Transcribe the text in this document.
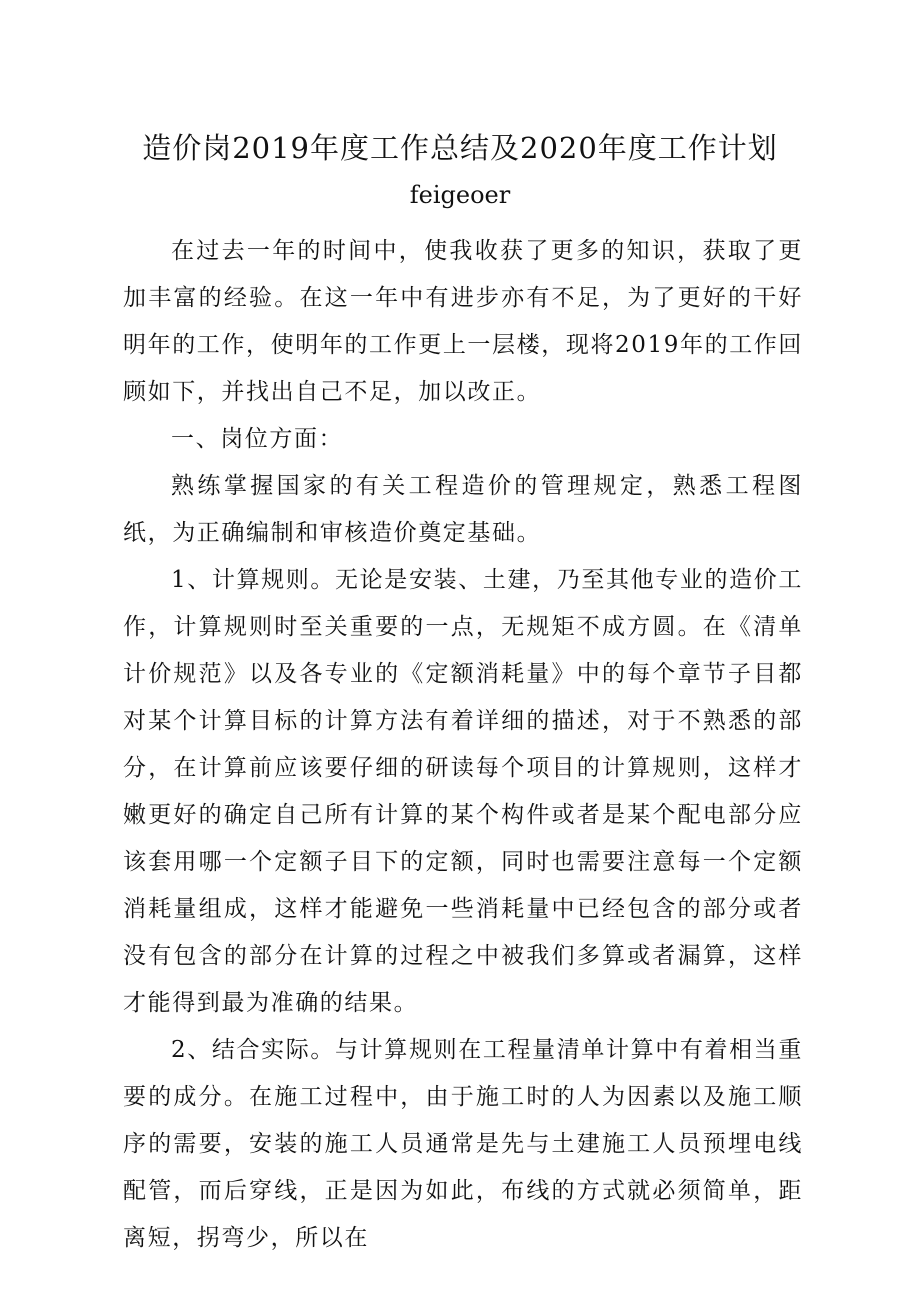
造价岗2019年度工作总结及2020年度工作计划
feigeoer

在过去一年的时间中，使我收获了更多的知识，获取了更加丰富的经验。在这一年中有进步亦有不足，为了更好的干好明年的工作，使明年的工作更上一层楼，现将2019年的工作回顾如下，并找出自己不足，加以改正。

一、岗位方面：

熟练掌握国家的有关工程造价的管理规定，熟悉工程图纸，为正确编制和审核造价奠定基础。

1、计算规则。无论是安装、土建，乃至其他专业的造价工作，计算规则时至关重要的一点，无规矩不成方圆。在《清单计价规范》以及各专业的《定额消耗量》中的每个章节子目都对某个计算目标的计算方法有着详细的描述，对于不熟悉的部分，在计算前应该要仔细的研读每个项目的计算规则，这样才嫩更好的确定自己所有计算的某个构件或者是某个配电部分应该套用哪一个定额子目下的定额，同时也需要注意每一个定额消耗量组成，这样才能避免一些消耗量中已经包含的部分或者没有包含的部分在计算的过程之中被我们多算或者漏算，这样才能得到最为准确的结果。

2、结合实际。与计算规则在工程量清单计算中有着相当重要的成分。在施工过程中，由于施工时的人为因素以及施工顺序的需要，安装的施工人员通常是先与土建施工人员预埋电线配管，而后穿线，正是因为如此，布线的方式就必须简单，距离短，拐弯少，所以在
